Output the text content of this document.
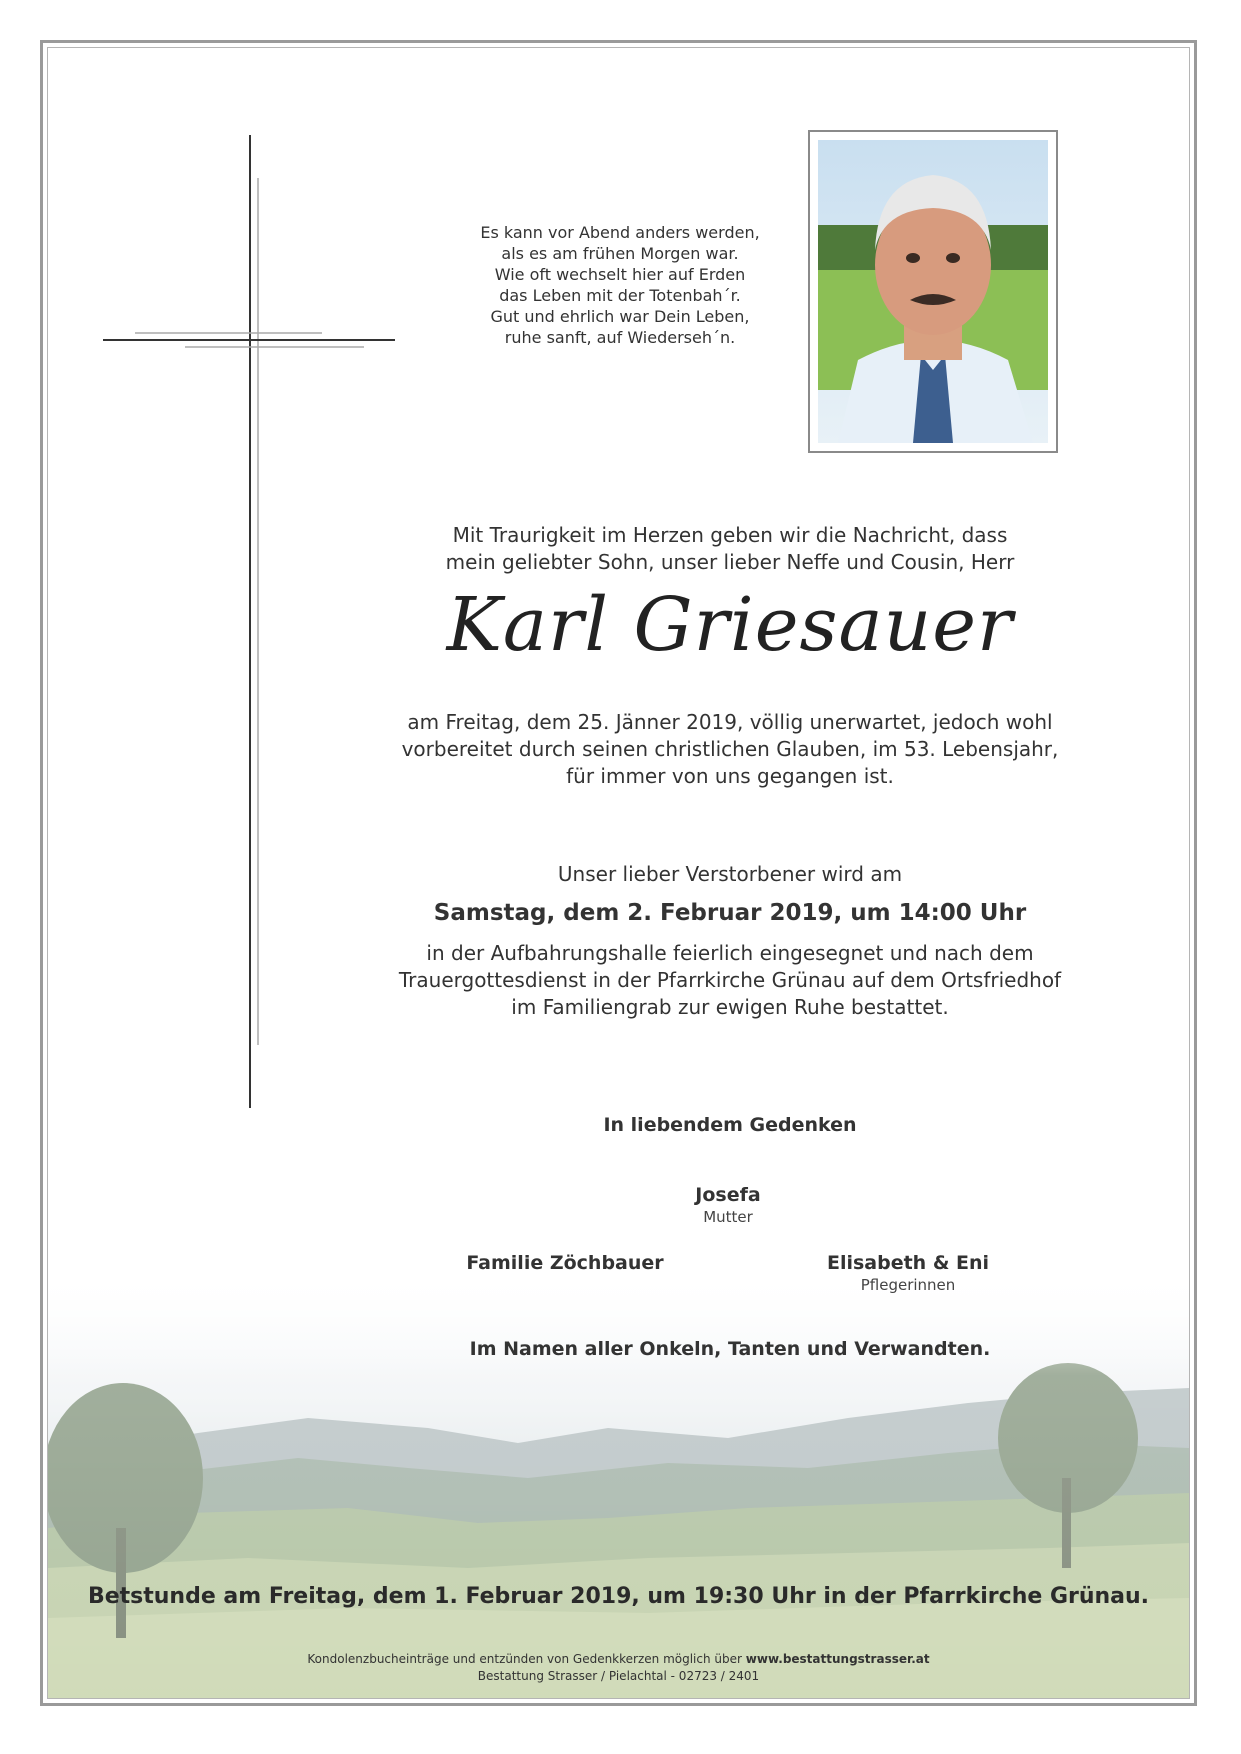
Es kann vor Abend anders werden,
als es am frühen Morgen war.
Wie oft wechselt hier auf Erden
das Leben mit der Totenbah´r.
Gut und ehrlich war Dein Leben,
ruhe sanft, auf Wiederseh´n.
Mit Traurigkeit im Herzen geben wir die Nachricht, dass
mein geliebter Sohn, unser lieber Neffe und Cousin, Herr
Karl Griesauer
am Freitag, dem 25. Jänner 2019, völlig unerwartet, jedoch wohl
vorbereitet durch seinen christlichen Glauben, im 53. Lebensjahr,
für immer von uns gegangen ist.
Unser lieber Verstorbener wird am
Samstag, dem 2. Februar 2019, um 14:00 Uhr
in der Aufbahrungshalle feierlich eingesegnet und nach dem
Trauergottesdienst in der Pfarrkirche Grünau auf dem Ortsfriedhof
im Familiengrab zur ewigen Ruhe bestattet.
In liebendem Gedenken
Josefa
Mutter
Familie Zöchbauer	Elisabeth & Eni
Pflegerinnen
Im Namen aller Onkeln, Tanten und Verwandten.
Betstunde am Freitag, dem 1. Februar 2019, um 19:30 Uhr in der Pfarrkirche Grünau.
Kondolenzbucheinträge und entzünden von Gedenkkerzen möglich über www.bestattungstrasser.at
Bestattung Strasser / Pielachtal - 02723 / 2401
